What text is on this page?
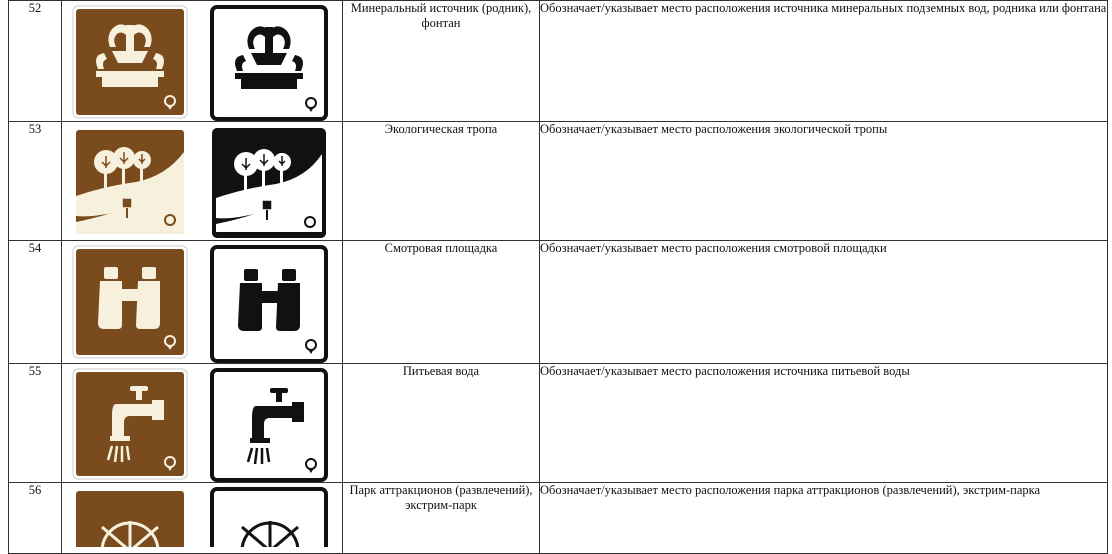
52			Минеральный источник (родник), фонтан	Обозначает/указывает место расположения источника минеральных подземных вод, родника или фонтана
53			Экологическая тропа	Обозначает/указывает место расположения экологической тропы
54			Смотровая площадка	Обозначает/указывает место расположения смотровой площадки
55			Питьевая вода	Обозначает/указывает место расположения источника питьевой воды
56			Парк аттракционов (развлечений), экстрим-парк	Обозначает/указывает место расположения парка аттракционов (развлечений), экстрим-парка
